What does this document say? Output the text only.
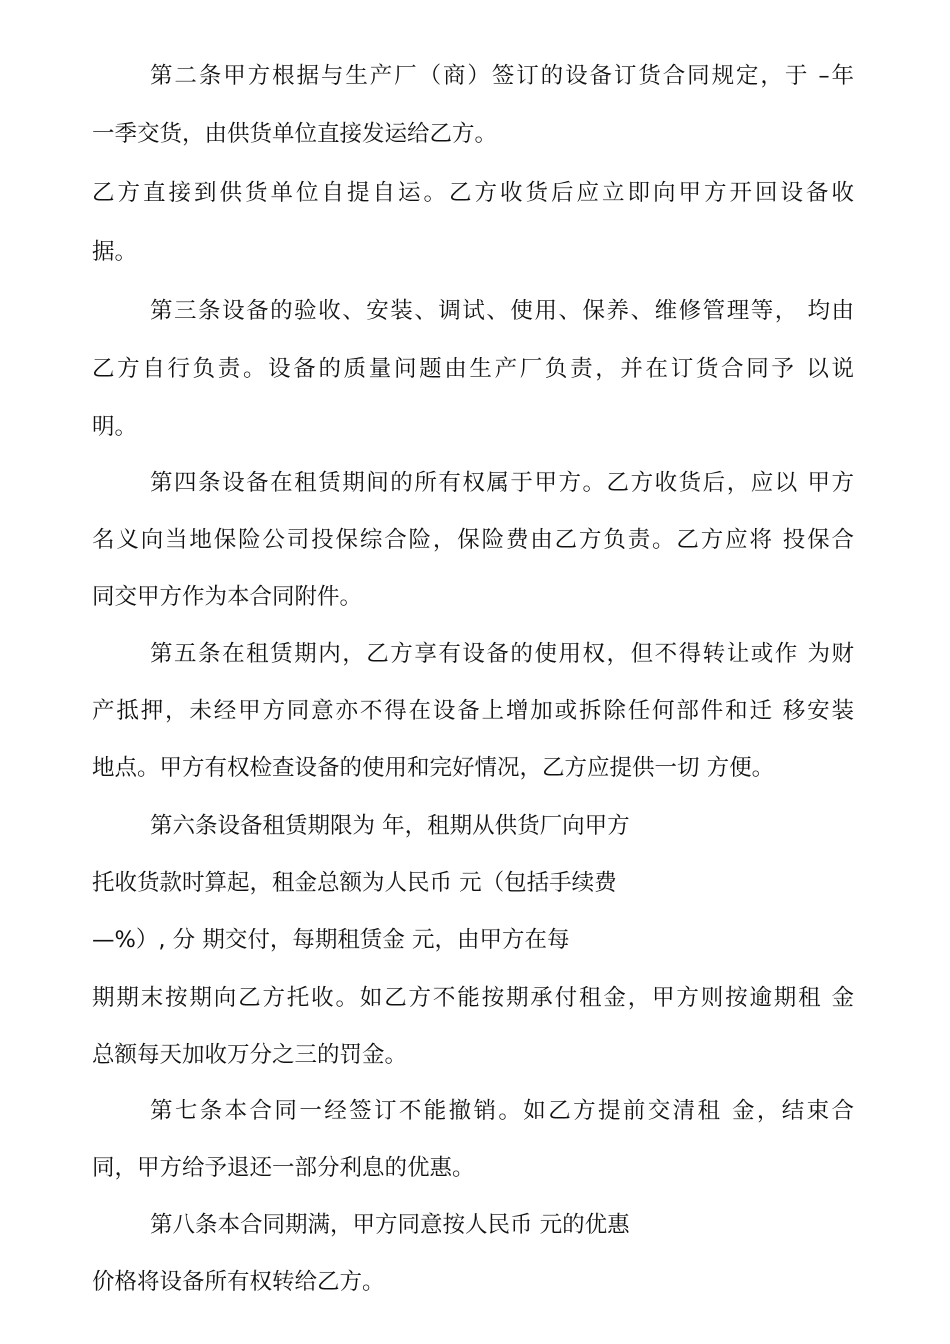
第二条甲方根据与生产厂（商）签订的设备订货合同规定，于 –年
一季交货，由供货单位直接发运给乙方。
乙方直接到供货单位自提自运。乙方收货后应立即向甲方开回设备收
据。
第三条设备的验收、安装、调试、使用、保养、维修管理等， 均由
乙方自行负责。设备的质量问题由生产厂负责，并在订货合同予 以说
明。
第四条设备在租赁期间的所有权属于甲方。乙方收货后，应以 甲方
名义向当地保险公司投保综合险，保险费由乙方负责。乙方应将 投保合
同交甲方作为本合同附件。
第五条在租赁期内，乙方享有设备的使用权，但不得转让或作 为财
产抵押，未经甲方同意亦不得在设备上增加或拆除任何部件和迁 移安装
地点。甲方有权检查设备的使用和完好情况，乙方应提供一切 方便。
第六条设备租赁期限为 年，租期从供货厂向甲方
托收货款时算起，租金总额为人民币 元（包括手续费
—%）, 分 期交付，每期租赁金 元，由甲方在每
期期末按期向乙方托收。如乙方不能按期承付租金，甲方则按逾期租 金
总额每天加收万分之三的罚金。
第七条本合同一经签订不能撤销。如乙方提前交清租 金，结束合
同，甲方给予退还一部分利息的优惠。
第八条本合同期满，甲方同意按人民币 元的优惠
价格将设备所有权转给乙方。
